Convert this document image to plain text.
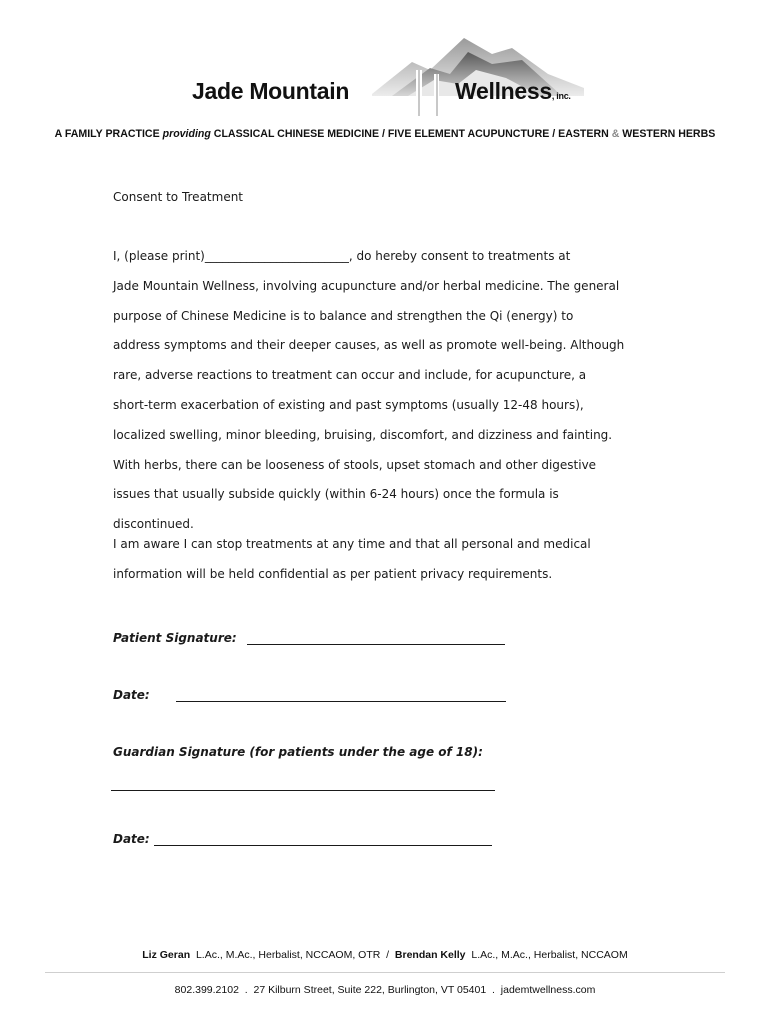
Jade Mountain	Wellness, inc.
A FAMILY PRACTICE providing CLASSICAL CHINESE MEDICINE / FIVE ELEMENT ACUPUNCTURE / EASTERN & WESTERN HERBS
Consent to Treatment
I, (please print)________________________, do hereby consent to treatments at
Jade Mountain Wellness, involving acupuncture and/or herbal medicine. The general
purpose of Chinese Medicine is to balance and strengthen the Qi (energy) to
address symptoms and their deeper causes, as well as promote well-being. Although
rare, adverse reactions to treatment can occur and include, for acupuncture, a
short-term exacerbation of existing and past symptoms (usually 12-48 hours),
localized swelling, minor bleeding, bruising, discomfort, and dizziness and fainting.
With herbs, there can be looseness of stools, upset stomach and other digestive
issues that usually subside quickly (within 6-24 hours) once the formula is
discontinued.
I am aware I can stop treatments at any time and that all personal and medical
information will be held confidential as per patient privacy requirements.
Patient Signature:
Date:
Guardian Signature (for patients under the age of 18):
Date:
Liz Geran  L.Ac., M.Ac., Herbalist, NCCAOM, OTR  /  Brendan Kelly  L.Ac., M.Ac., Herbalist, NCCAOM
802.399.2102  .  27 Kilburn Street, Suite 222, Burlington, VT 05401  .  jademtwellness.com
